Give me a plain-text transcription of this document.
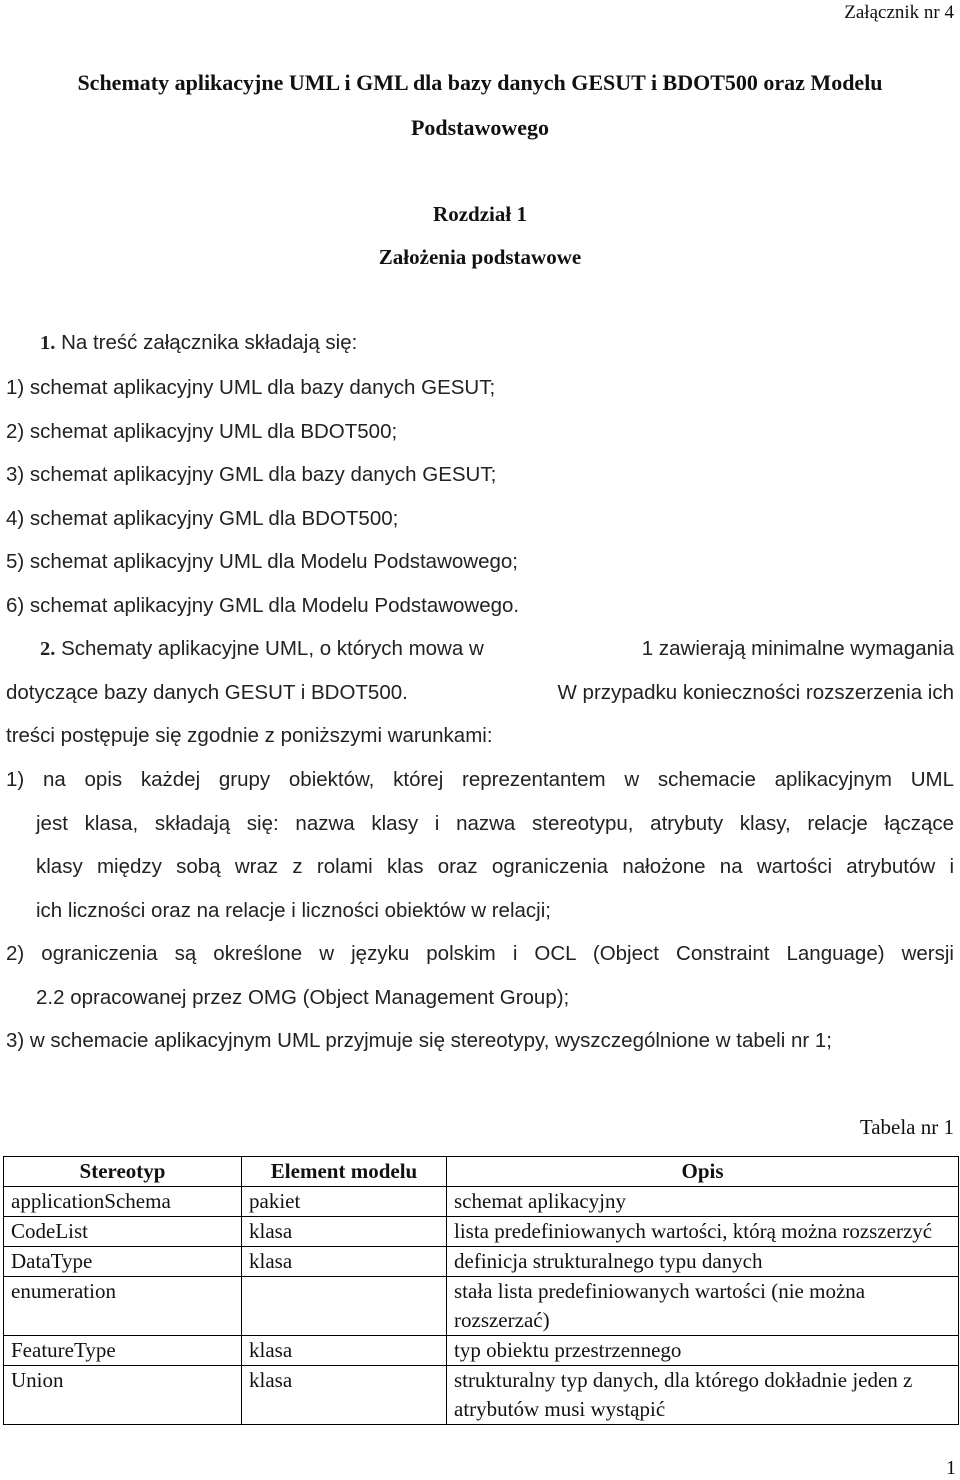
Załącznik nr 4
Schematy aplikacyjne UML i GML dla bazy danych GESUT i BDOT500 oraz Modelu
Podstawowego
Rozdział 1
Założenia podstawowe
1. Na treść załącznika składają się:
1) schemat aplikacyjny UML dla bazy danych GESUT;
2) schemat aplikacyjny UML dla BDOT500;
3) schemat aplikacyjny GML dla bazy danych GESUT;
4) schemat aplikacyjny GML dla BDOT500;
5) schemat aplikacyjny UML dla Modelu Podstawowego;
6) schemat aplikacyjny GML dla Modelu Podstawowego.
2. Schematy aplikacyjne UML, o których mowa w	1 zawierają minimalne wymagania
dotyczące bazy danych GESUT i BDOT500.	W przypadku konieczności rozszerzenia ich
treści postępuje się zgodnie z poniższymi warunkami:
1) na opis każdej grupy obiektów, której reprezentantem w schemacie aplikacyjnym UML
jest klasa, składają się: nazwa klasy i nazwa stereotypu, atrybuty klasy, relacje łączące
klasy między sobą wraz z rolami klas oraz ograniczenia nałożone na wartości atrybutów i
ich liczności oraz na relacje i liczności obiektów w relacji;
2) ograniczenia są określone w języku polskim i OCL (Object Constraint Language) wersji
2.2 opracowanej przez OMG (Object Management Group);
3) w schemacie aplikacyjnym UML przyjmuje się stereotypy, wyszczególnione w tabeli nr 1;
Tabela nr 1
Stereotyp	Element modelu	Opis
applicationSchema	pakiet	schemat aplikacyjny
CodeList	klasa	lista predefiniowanych wartości, którą można rozszerzyć
DataType	klasa	definicja strukturalnego typu danych
enumeration		stała lista predefiniowanych wartości (nie można rozszerzać)
FeatureType	klasa	typ obiektu przestrzennego
Union	klasa	strukturalny typ danych, dla którego dokładnie jeden z atrybutów musi wystąpić
1
